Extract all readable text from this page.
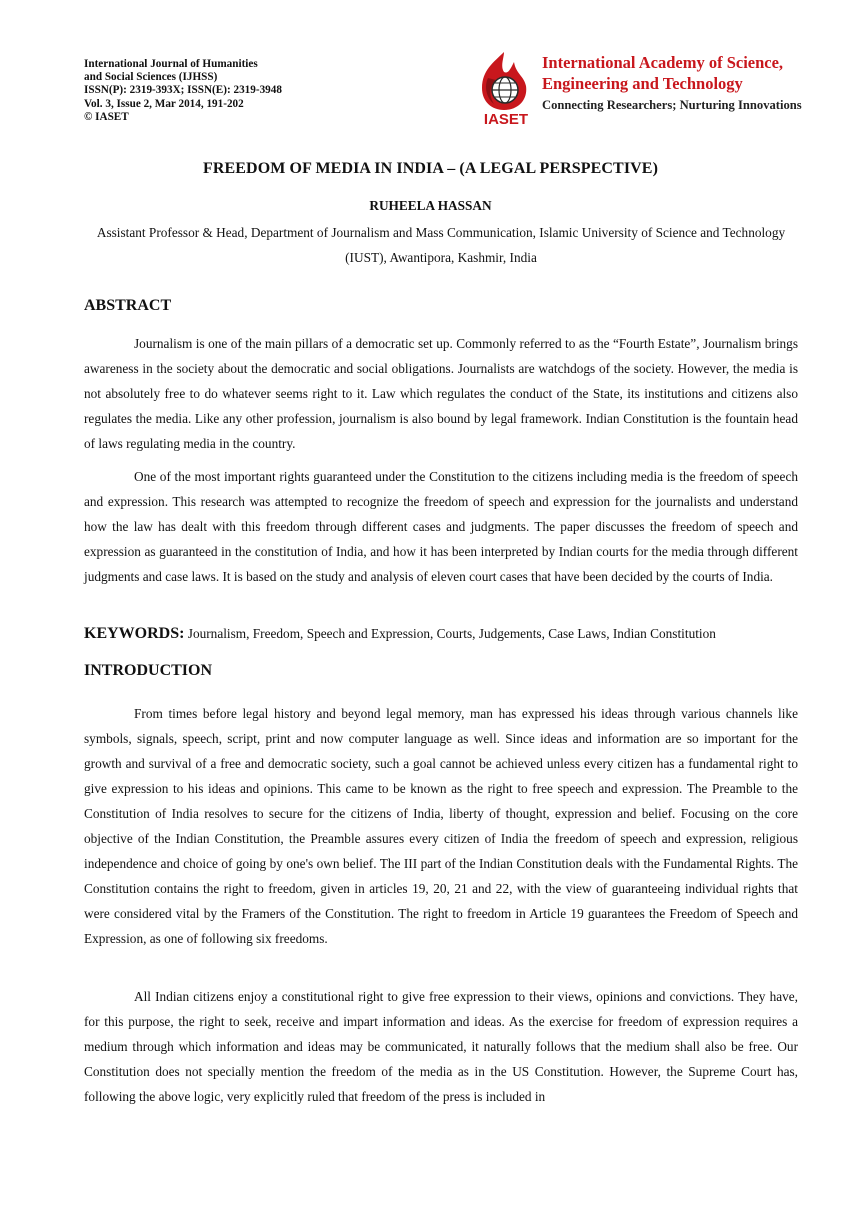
International Journal of Humanities
and Social Sciences (IJHSS)
ISSN(P): 2319-393X; ISSN(E): 2319-3948
Vol. 3, Issue 2, Mar 2014, 191-202
© IASET	IASET
International Academy of Science,
Engineering and Technology
Connecting Researchers; Nurturing Innovations
FREEDOM OF MEDIA IN INDIA – (A LEGAL PERSPECTIVE)
RUHEELA HASSAN
Assistant Professor & Head, Department of Journalism and Mass Communication, Islamic University of Science and Technology (IUST), Awantipora, Kashmir, India
ABSTRACT
Journalism is one of the main pillars of a democratic set up. Commonly referred to as the “Fourth Estate”, Journalism brings awareness in the society about the democratic and social obligations. Journalists are watchdogs of the society. However, the media is not absolutely free to do whatever seems right to it. Law which regulates the conduct of the State, its institutions and citizens also regulates the media. Like any other profession, journalism is also bound by legal framework. Indian Constitution is the fountain head of laws regulating media in the country.
One of the most important rights guaranteed under the Constitution to the citizens including media is the freedom of speech and expression. This research was attempted to recognize the freedom of speech and expression for the journalists and understand how the law has dealt with this freedom through different cases and judgments. The paper discusses the freedom of speech and expression as guaranteed in the constitution of India, and how it has been interpreted by Indian courts for the media through different judgments and case laws. It is based on the study and analysis of eleven court cases that have been decided by the courts of India.
KEYWORDS: Journalism, Freedom, Speech and Expression, Courts, Judgements, Case Laws, Indian Constitution
INTRODUCTION
From times before legal history and beyond legal memory, man has expressed his ideas through various channels like symbols, signals, speech, script, print and now computer language as well. Since ideas and information are so important for the growth and survival of a free and democratic society, such a goal cannot be achieved unless every citizen has a fundamental right to give expression to his ideas and opinions. This came to be known as the right to free speech and expression. The Preamble to the Constitution of India resolves to secure for the citizens of India, liberty of thought, expression and belief. Focusing on the core objective of the Indian Constitution, the Preamble assures every citizen of India the freedom of speech and expression, religious independence and choice of going by one's own belief. The III part of the Indian Constitution deals with the Fundamental Rights. The Constitution contains the right to freedom, given in articles 19, 20, 21 and 22, with the view of guaranteeing individual rights that were considered vital by the Framers of the Constitution. The right to freedom in Article 19 guarantees the Freedom of Speech and Expression, as one of following six freedoms.
All Indian citizens enjoy a constitutional right to give free expression to their views, opinions and convictions. They have, for this purpose, the right to seek, receive and impart information and ideas. As the exercise for freedom of expression requires a medium through which information and ideas may be communicated, it naturally follows that the medium shall also be free. Our Constitution does not specially mention the freedom of the media as in the US Constitution. However, the Supreme Court has, following the above logic, very explicitly ruled that freedom of the press is included in
